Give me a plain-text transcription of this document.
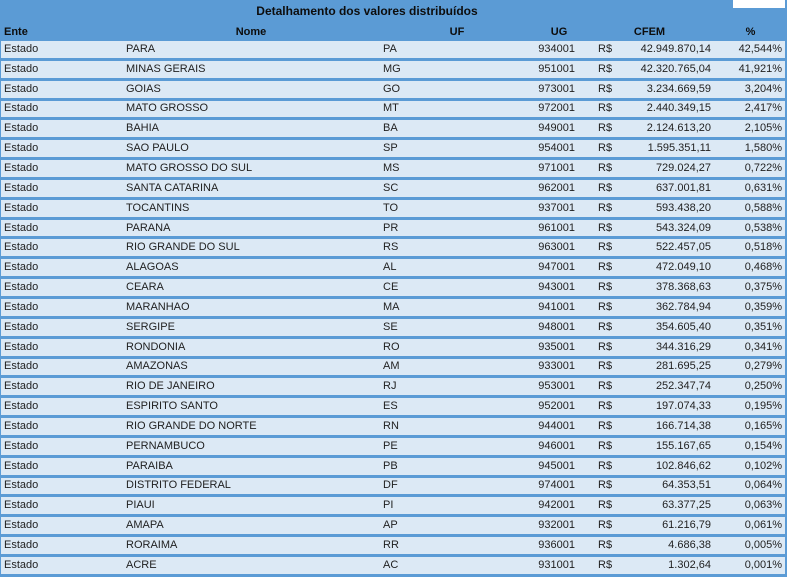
Detalhamento dos valores distribuídos
Ente	Nome	UF	UG	CFEM	%
Estado	PARA	PA	934001	R$	42.949.870,14	42,544%
Estado	MINAS GERAIS	MG	951001	R$	42.320.765,04	41,921%
Estado	GOIAS	GO	973001	R$	3.234.669,59	3,204%
Estado	MATO GROSSO	MT	972001	R$	2.440.349,15	2,417%
Estado	BAHIA	BA	949001	R$	2.124.613,20	2,105%
Estado	SAO PAULO	SP	954001	R$	1.595.351,11	1,580%
Estado	MATO GROSSO DO SUL	MS	971001	R$	729.024,27	0,722%
Estado	SANTA CATARINA	SC	962001	R$	637.001,81	0,631%
Estado	TOCANTINS	TO	937001	R$	593.438,20	0,588%
Estado	PARANA	PR	961001	R$	543.324,09	0,538%
Estado	RIO GRANDE DO SUL	RS	963001	R$	522.457,05	0,518%
Estado	ALAGOAS	AL	947001	R$	472.049,10	0,468%
Estado	CEARA	CE	943001	R$	378.368,63	0,375%
Estado	MARANHAO	MA	941001	R$	362.784,94	0,359%
Estado	SERGIPE	SE	948001	R$	354.605,40	0,351%
Estado	RONDONIA	RO	935001	R$	344.316,29	0,341%
Estado	AMAZONAS	AM	933001	R$	281.695,25	0,279%
Estado	RIO DE JANEIRO	RJ	953001	R$	252.347,74	0,250%
Estado	ESPIRITO SANTO	ES	952001	R$	197.074,33	0,195%
Estado	RIO GRANDE DO NORTE	RN	944001	R$	166.714,38	0,165%
Estado	PERNAMBUCO	PE	946001	R$	155.167,65	0,154%
Estado	PARAIBA	PB	945001	R$	102.846,62	0,102%
Estado	DISTRITO FEDERAL	DF	974001	R$	64.353,51	0,064%
Estado	PIAUI	PI	942001	R$	63.377,25	0,063%
Estado	AMAPA	AP	932001	R$	61.216,79	0,061%
Estado	RORAIMA	RR	936001	R$	4.686,38	0,005%
Estado	ACRE	AC	931001	R$	1.302,64	0,001%
